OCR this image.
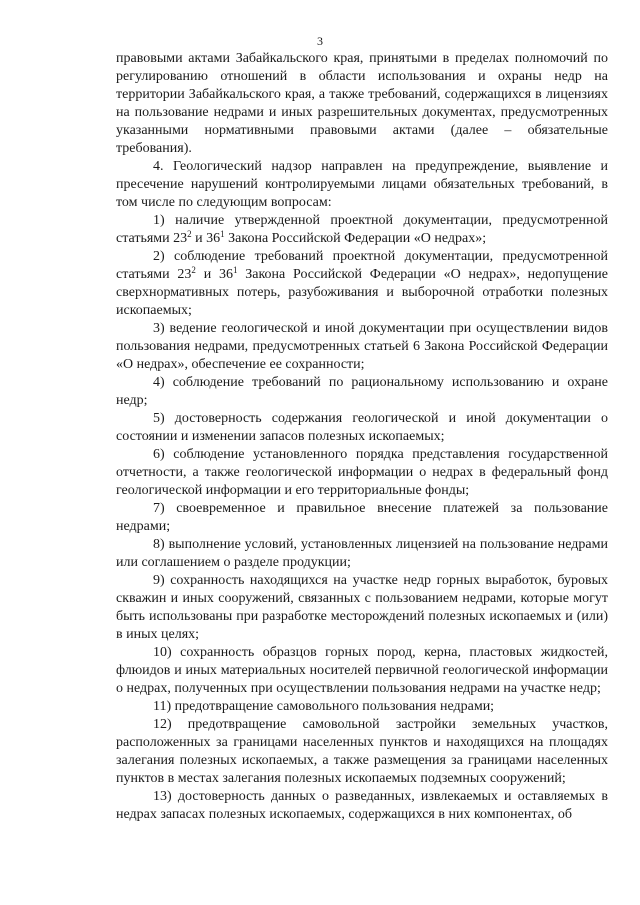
3

правовыми актами Забайкальского края, принятыми в пределах полномочий по регулированию отношений в области использования и охраны недр на территории Забайкальского края, а также требований, содержащихся в лицензиях на пользование недрами и иных разрешительных документах, предусмотренных указанными нормативными правовыми актами (далее – обязательные требования).

4. Геологический надзор направлен на предупреждение, выявление и пресечение нарушений контролируемыми лицами обязательных требований, в том числе по следующим вопросам:

1) наличие утвержденной проектной документации, предусмотренной статьями $23^2$ и $36^1$ Закона Российской Федерации «О недрах»;

2) соблюдение требований проектной документации, предусмотренной статьями $23^2$ и $36^1$ Закона Российской Федерации «О недрах», недопущение сверхнормативных потерь, разубоживания и выборочной отработки полезных ископаемых;

3) ведение геологической и иной документации при осуществлении видов пользования недрами, предусмотренных статьей 6 Закона Российской Федерации «О недрах», обеспечение ее сохранности;

4) соблюдение требований по рациональному использованию и охране недр;

5) достоверность содержания геологической и иной документации о состоянии и изменении запасов полезных ископаемых;

6) соблюдение установленного порядка представления государственной отчетности, а также геологической информации о недрах в федеральный фонд геологической информации и его территориальные фонды;

7) своевременное и правильное внесение платежей за пользование недрами;

8) выполнение условий, установленных лицензией на пользование недрами или соглашением о разделе продукции;

9) сохранность находящихся на участке недр горных выработок, буровых скважин и иных сооружений, связанных с пользованием недрами, которые могут быть использованы при разработке месторождений полезных ископаемых и (или) в иных целях;

10) сохранность образцов горных пород, керна, пластовых жидкостей, флюидов и иных материальных носителей первичной геологической информации о недрах, полученных при осуществлении пользования недрами на участке недр;

11) предотвращение самовольного пользования недрами;

12) предотвращение самовольной застройки земельных участков, расположенных за границами населенных пунктов и находящихся на площадях залегания полезных ископаемых, а также размещения за границами населенных пунктов в местах залегания полезных ископаемых подземных сооружений;

13) достоверность данных о разведанных, извлекаемых и оставляемых в недрах запасах полезных ископаемых, содержащихся в них компонентах, об
